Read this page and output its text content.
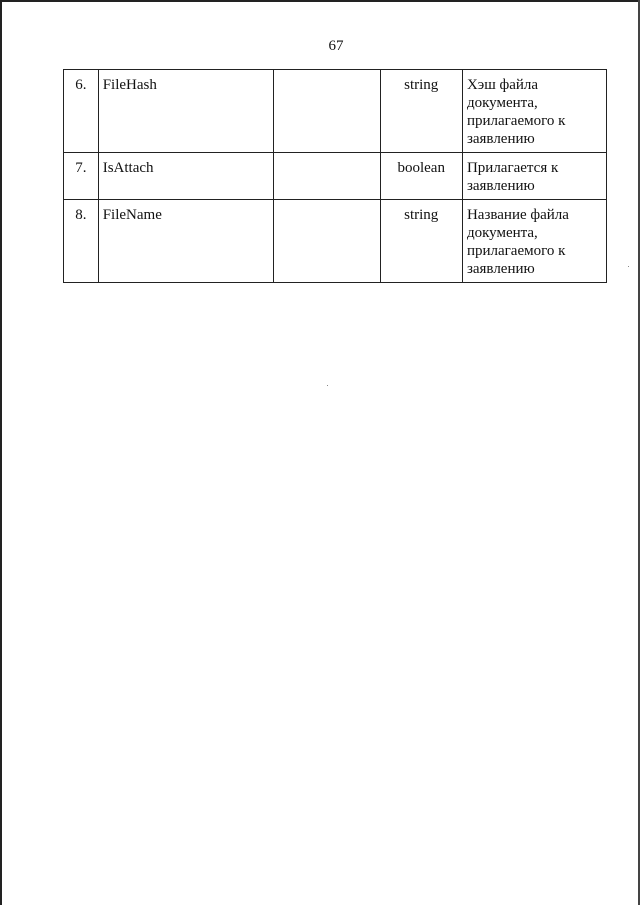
67
6.	FileHash		string	Хэш файла документа, прилагаемого к заявлению
7.	IsAttach		boolean	Прилагается к заявлению
8.	FileName		string	Название файла документа, прилагаемого к заявлению
